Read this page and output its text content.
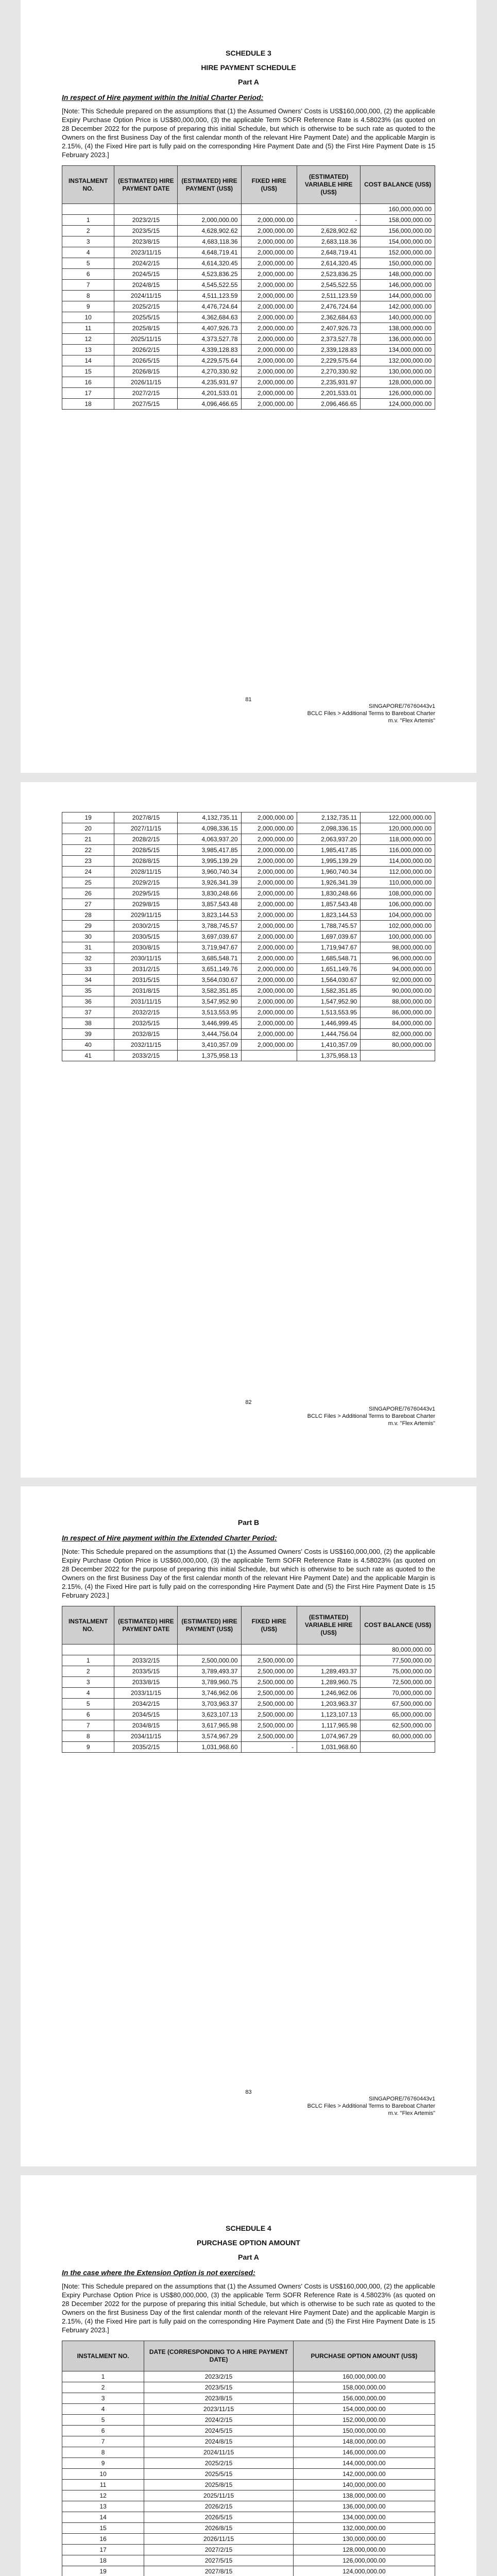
SCHEDULE 3

HIRE PAYMENT SCHEDULE

Part A

In respect of Hire payment within the Initial Charter Period:

[Note: This Schedule prepared on the assumptions that (1) the Assumed Owners' Costs is US$160,000,000, (2) the applicable Expiry Purchase Option Price is US$80,000,000, (3) the applicable Term SOFR Reference Rate is 4.58023% (as quoted on 28 December 2022 for the purpose of preparing this initial Schedule, but which is otherwise to be such rate as quoted to the Owners on the first Business Day of the first calendar month of the relevant Hire Payment Date) and the applicable Margin is 2.15%, (4) the Fixed Hire part is fully paid on the corresponding Hire Payment Date and (5) the First Hire Payment Date is 15 February 2023.]

INSTALMENT NO.	(ESTIMATED) HIRE PAYMENT DATE	(ESTIMATED) HIRE PAYMENT (US$)	FIXED HIRE (US$)	(ESTIMATED) VARIABLE HIRE (US$)	COST BALANCE (US$)
					160,000,000.00
1	2023/2/15	2,000,000.00	2,000,000.00	-	158,000,000.00
2	2023/5/15	4,628,902.62	2,000,000.00	2,628,902.62	156,000,000.00
3	2023/8/15	4,683,118.36	2,000,000.00	2,683,118.36	154,000,000.00
4	2023/11/15	4,648,719.41	2,000,000.00	2,648,719.41	152,000,000.00
5	2024/2/15	4,614,320.45	2,000,000.00	2,614,320.45	150,000,000.00
6	2024/5/15	4,523,836.25	2,000,000.00	2,523,836.25	148,000,000.00
7	2024/8/15	4,545,522.55	2,000,000.00	2,545,522.55	146,000,000.00
8	2024/11/15	4,511,123.59	2,000,000.00	2,511,123.59	144,000,000.00
9	2025/2/15	4,476,724.64	2,000,000.00	2,476,724.64	142,000,000.00
10	2025/5/15	4,362,684.63	2,000,000.00	2,362,684.63	140,000,000.00
11	2025/8/15	4,407,926.73	2,000,000.00	2,407,926.73	138,000,000.00
12	2025/11/15	4,373,527.78	2,000,000.00	2,373,527.78	136,000,000.00
13	2026/2/15	4,339,128.83	2,000,000.00	2,339,128.83	134,000,000.00
14	2026/5/15	4,229,575.64	2,000,000.00	2,229,575.64	132,000,000.00
15	2026/8/15	4,270,330.92	2,000,000.00	2,270,330.92	130,000,000.00
16	2026/11/15	4,235,931.97	2,000,000.00	2,235,931.97	128,000,000.00
17	2027/2/15	4,201,533.01	2,000,000.00	2,201,533.01	126,000,000.00
18	2027/5/15	4,096,466.65	2,000,000.00	2,096,466.65	124,000,000.00
81
SINGAPORE/76760443v1
BCLC Files > Additional Terms to Bareboat Charter
m.v. "Flex Artemis"
19	2027/8/15	4,132,735.11	2,000,000.00	2,132,735.11	122,000,000.00
20	2027/11/15	4,098,336.15	2,000,000.00	2,098,336.15	120,000,000.00
21	2028/2/15	4,063,937.20	2,000,000.00	2,063,937.20	118,000,000.00
22	2028/5/15	3,985,417.85	2,000,000.00	1,985,417.85	116,000,000.00
23	2028/8/15	3,995,139.29	2,000,000.00	1,995,139.29	114,000,000.00
24	2028/11/15	3,960,740.34	2,000,000.00	1,960,740.34	112,000,000.00
25	2029/2/15	3,926,341.39	2,000,000.00	1,926,341.39	110,000,000.00
26	2029/5/15	3,830,248.66	2,000,000.00	1,830,248.66	108,000,000.00
27	2029/8/15	3,857,543.48	2,000,000.00	1,857,543.48	106,000,000.00
28	2029/11/15	3,823,144.53	2,000,000.00	1,823,144.53	104,000,000.00
29	2030/2/15	3,788,745.57	2,000,000.00	1,788,745.57	102,000,000.00
30	2030/5/15	3,697,039.67	2,000,000.00	1,697,039.67	100,000,000.00
31	2030/8/15	3,719,947.67	2,000,000.00	1,719,947.67	98,000,000.00
32	2030/11/15	3,685,548.71	2,000,000.00	1,685,548.71	96,000,000.00
33	2031/2/15	3,651,149.76	2,000,000.00	1,651,149.76	94,000,000.00
34	2031/5/15	3,564,030.67	2,000,000.00	1,564,030.67	92,000,000.00
35	2031/8/15	3,582,351.85	2,000,000.00	1,582,351.85	90,000,000.00
36	2031/11/15	3,547,952.90	2,000,000.00	1,547,952.90	88,000,000.00
37	2032/2/15	3,513,553.95	2,000,000.00	1,513,553.95	86,000,000.00
38	2032/5/15	3,446,999.45	2,000,000.00	1,446,999.45	84,000,000.00
39	2032/8/15	3,444,756.04	2,000,000.00	1,444,756.04	82,000,000.00
40	2032/11/15	3,410,357.09	2,000,000.00	1,410,357.09	80,000,000.00
41	2033/2/15	1,375,958.13		1,375,958.13	
82
SINGAPORE/76760443v1
BCLC Files > Additional Terms to Bareboat Charter
m.v. "Flex Artemis"

Part B

In respect of Hire payment within the Extended Charter Period:

[Note: This Schedule prepared on the assumptions that (1) the Assumed Owners' Costs is US$160,000,000, (2) the applicable Expiry Purchase Option Price is US$60,000,000, (3) the applicable Term SOFR Reference Rate is 4.58023% (as quoted on 28 December 2022 for the purpose of preparing this initial Schedule, but which is otherwise to be such rate as quoted to the Owners on the first Business Day of the first calendar month of the relevant Hire Payment Date) and the applicable Margin is 2.15%, (4) the Fixed Hire part is fully paid on the corresponding Hire Payment Date and (5) the First Hire Payment Date is 15 February 2023.]

INSTALMENT NO.	(ESTIMATED) HIRE PAYMENT DATE	(ESTIMATED) HIRE PAYMENT (US$)	FIXED HIRE (US$)	(ESTIMATED) VARIABLE HIRE (US$)	COST BALANCE (US$)
					80,000,000.00
1	2033/2/15	2,500,000.00	2,500,000.00		77,500,000.00
2	2033/5/15	3,789,493.37	2,500,000.00	1,289,493.37	75,000,000.00
3	2033/8/15	3,789,960.75	2,500,000.00	1,289,960.75	72,500,000.00
4	2033/11/15	3,746,962.06	2,500,000.00	1,246,962.06	70,000,000.00
5	2034/2/15	3,703,963.37	2,500,000.00	1,203,963.37	67,500,000.00
6	2034/5/15	3,623,107.13	2,500,000.00	1,123,107.13	65,000,000.00
7	2034/8/15	3,617,965.98	2,500,000.00	1,117,965.98	62,500,000.00
8	2034/11/15	3,574,967.29	2,500,000.00	1,074,967.29	60,000,000.00
9	2035/2/15	1,031,968.60	-	1,031,968.60	
83
SINGAPORE/76760443v1
BCLC Files > Additional Terms to Bareboat Charter
m.v. "Flex Artemis"

SCHEDULE 4

PURCHASE OPTION AMOUNT

Part A

In the case where the Extension Option is not exercised:

[Note: This Schedule prepared on the assumptions that (1) the Assumed Owners' Costs is US$160,000,000, (2) the applicable Expiry Purchase Option Price is US$80,000,000, (3) the applicable Term SOFR Reference Rate is 4.58023% (as quoted on 28 December 2022 for the purpose of preparing this initial Schedule, but which is otherwise to be such rate as quoted to the Owners on the first Business Day of the first calendar month of the relevant Hire Payment Date) and the applicable Margin is 2.15%, (4) the Fixed Hire part is fully paid on the corresponding Hire Payment Date and (5) the First Hire Payment Date is 15 February 2023.]

INSTALMENT NO.	DATE (CORRESPONDING TO A HIRE PAYMENT DATE)	PURCHASE OPTION AMOUNT (US$)
1	2023/2/15	160,000,000.00
2	2023/5/15	158,000,000.00
3	2023/8/15	156,000,000.00
4	2023/11/15	154,000,000.00
5	2024/2/15	152,000,000.00
6	2024/5/15	150,000,000.00
7	2024/8/15	148,000,000.00
8	2024/11/15	146,000,000.00
9	2025/2/15	144,000,000.00
10	2025/5/15	142,000,000.00
11	2025/8/15	140,000,000.00
12	2025/11/15	138,000,000.00
13	2026/2/15	136,000,000.00
14	2026/5/15	134,000,000.00
15	2026/8/15	132,000,000.00
16	2026/11/15	130,000,000.00
17	2027/2/15	128,000,000.00
18	2027/5/15	126,000,000.00
19	2027/8/15	124,000,000.00
